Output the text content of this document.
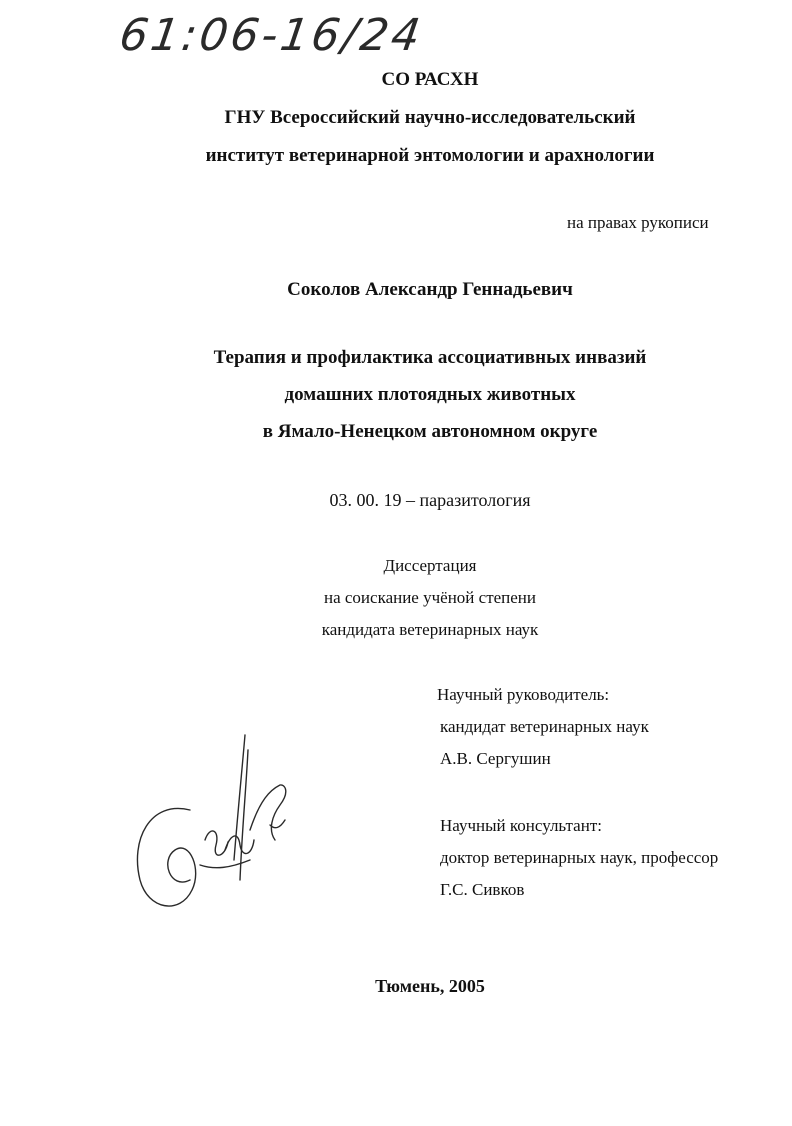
61:06-16/24
СО РАСХН
ГНУ Всероссийский научно-исследовательский
институт ветеринарной энтомологии и арахнологии
на правах рукописи
Соколов Александр Геннадьевич
Терапия и профилактика ассоциативных инвазий
домашних плотоядных животных
в Ямало-Ненецком автономном округе
03. 00. 19 – паразитология
Диссертация
на соискание учёной степени
кандидата ветеринарных наук
Научный руководитель:
кандидат ветеринарных наук
А.В. Сергушин
Научный консультант:
доктор ветеринарных наук, профессор
Г.С. Сивков
Тюмень, 2005
